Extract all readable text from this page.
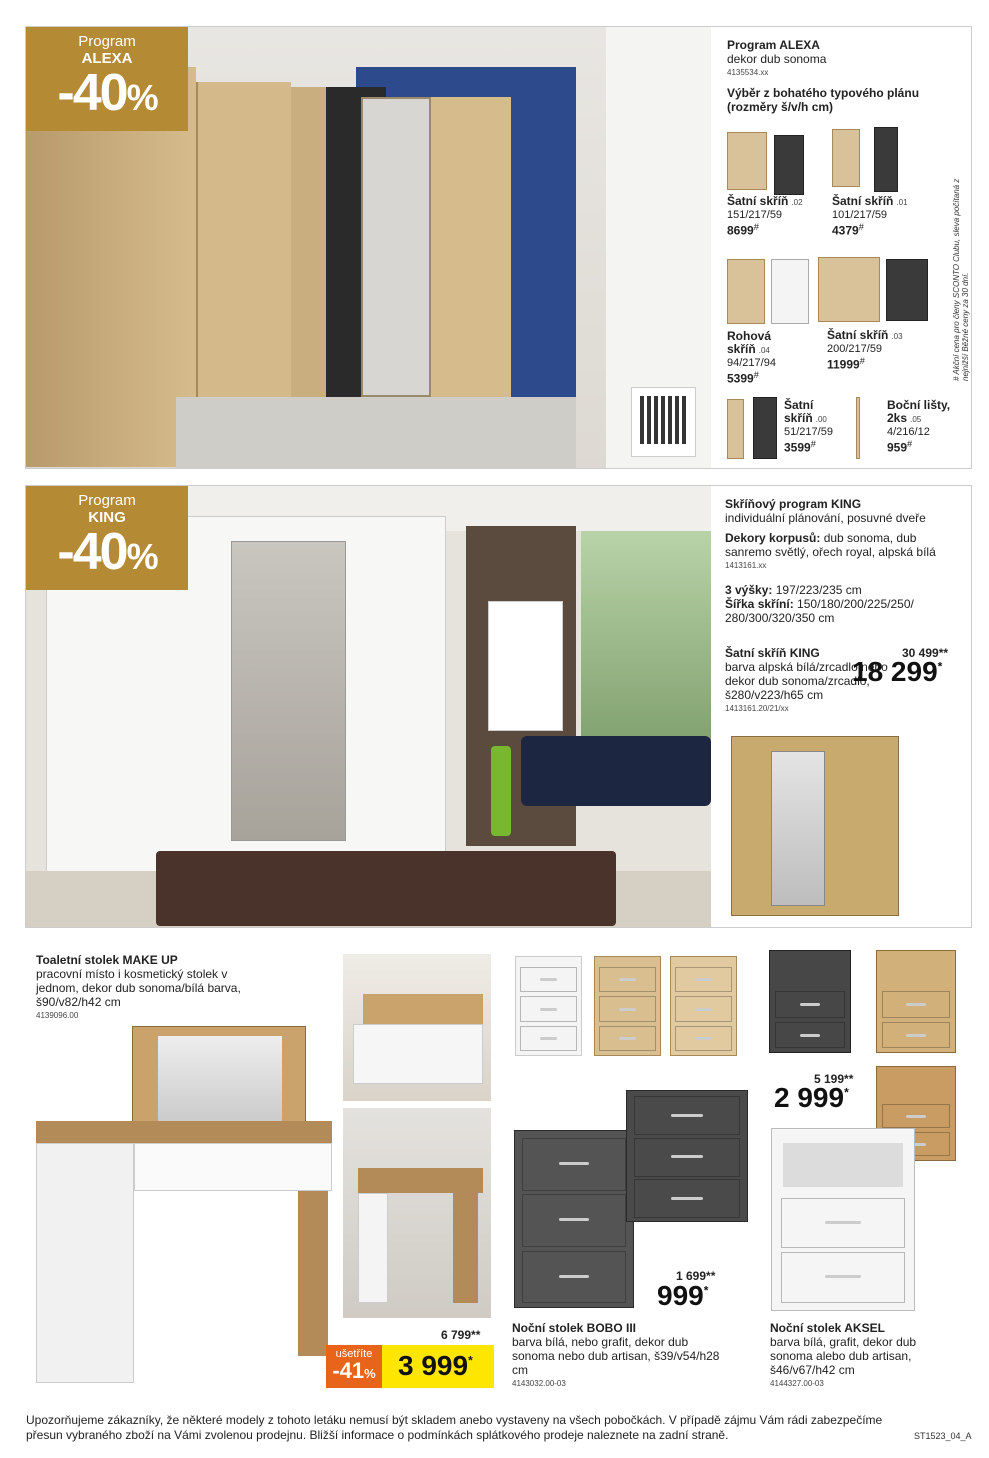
Program
ALEXA
-40%
Program ALEXA
dekor dub sonoma
4135534.xx
Výběr z bohatého typového plánu (rozměry š/v/h cm)
Šatní skříň .02
151/217/59
8699#
Šatní skříň .01
101/217/59
4379#
Rohová skříň .04
94/217/94
5399#
Šatní skříň .03
200/217/59
11999#
Šatní skříň .00
51/217/59
3599#
Boční lišty, 2ks .05
4/216/12
959#
# Akční cena pro členy SCONTO Clubu, sleva počítaná z nejnižší Běžné ceny za 30 dní.
Program
KING
-40%
Skříňový program KING
individuální plánování, posuvné dveře
Dekory korpusů: dub sonoma, dub sanremo světlý, ořech royal, alpská bílá
1413161.xx
3 výšky: 197/223/235 cm
Šířka skříní: 150/180/200/225/250/ 280/300/320/350 cm
Šatní skříň KING
barva alpská bílá/zrcadlo nebo dekor dub sonoma/zrcadlo, š280/v223/h65 cm
1413161.20/21/xx
30 499**
18 299*
Toaletní stolek MAKE UP
pracovní místo i kosmetický stolek v jednom, dekor dub sonoma/bílá barva, š90/v82/h42 cm
4139096.00
6 799**
ušetříte
-41% 3 999*
1 699**
999*
5 199**
2 999*
Noční stolek BOBO III
barva bílá, nebo grafit, dekor dub sonoma nebo dub artisan, š39/v54/h28 cm
4143032.00-03
Noční stolek AKSEL
barva bílá, grafit, dekor dub sonoma alebo dub artisan, š46/v67/h42 cm
4144327.00-03
Upozorňujeme zákazníky, že některé modely z tohoto letáku nemusí být skladem anebo vystaveny na všech pobočkách. V případě zájmu Vám rádi zabezpečíme přesun vybraného zboží na Vámi zvolenou prodejnu. Bližší informace o podmínkách splátkového prodeje naleznete na zadní straně.	ST1523_04_A
